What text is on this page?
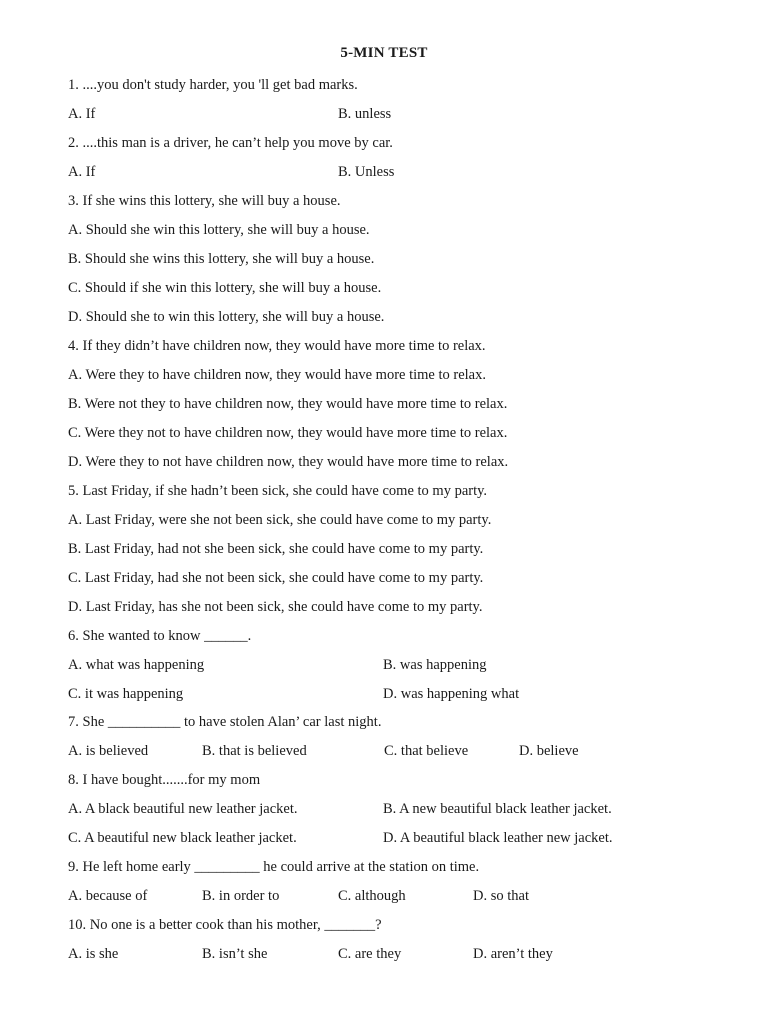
5-MIN TEST
1. ....you don't study harder, you 'll get bad marks.
A. If	B. unless
2. ....this man is a driver, he can’t help you move by car.
A. If	B. Unless
3. If she wins this lottery, she will buy a house.
A. Should she win this lottery, she will buy a house.
B. Should she wins this lottery, she will buy a house.
C. Should if she win this lottery, she will buy a house.
D. Should she to win this lottery, she will buy a house.
4. If they didn’t have children now, they would have more time to relax.
A. Were they to have children now, they would have more time to relax.
B. Were not they to have children now, they would have more time to relax.
C. Were they not to have children now, they would have more time to relax.
D. Were they to not have children now, they would have more time to relax.
5. Last Friday, if she hadn’t been sick, she could have come to my party.
A. Last Friday, were she not been sick, she could have come to my party.
B. Last Friday, had not she been sick, she could have come to my party.
C. Last Friday, had she not been sick, she could have come to my party.
D. Last Friday, has she not been sick, she could have come to my party.
6. She wanted to know ______.
A. what was happening	B. was happening
C. it was happening	D. was happening what
7. She __________ to have stolen Alan’ car last night.
A. is believed	B. that is believed	C. that believe	D. believe
8. I have bought.......for my mom
A. A black beautiful new leather jacket.	B. A new beautiful black leather jacket.
C. A beautiful new black leather jacket.	D. A beautiful black leather new jacket.
9. He left home early _________ he could arrive at the station on time.
A. because of	B. in order to	C. although	D. so that
10. No one is a better cook than his mother, _______?
A. is she	B. isn’t she	C. are they	D. aren’t they
